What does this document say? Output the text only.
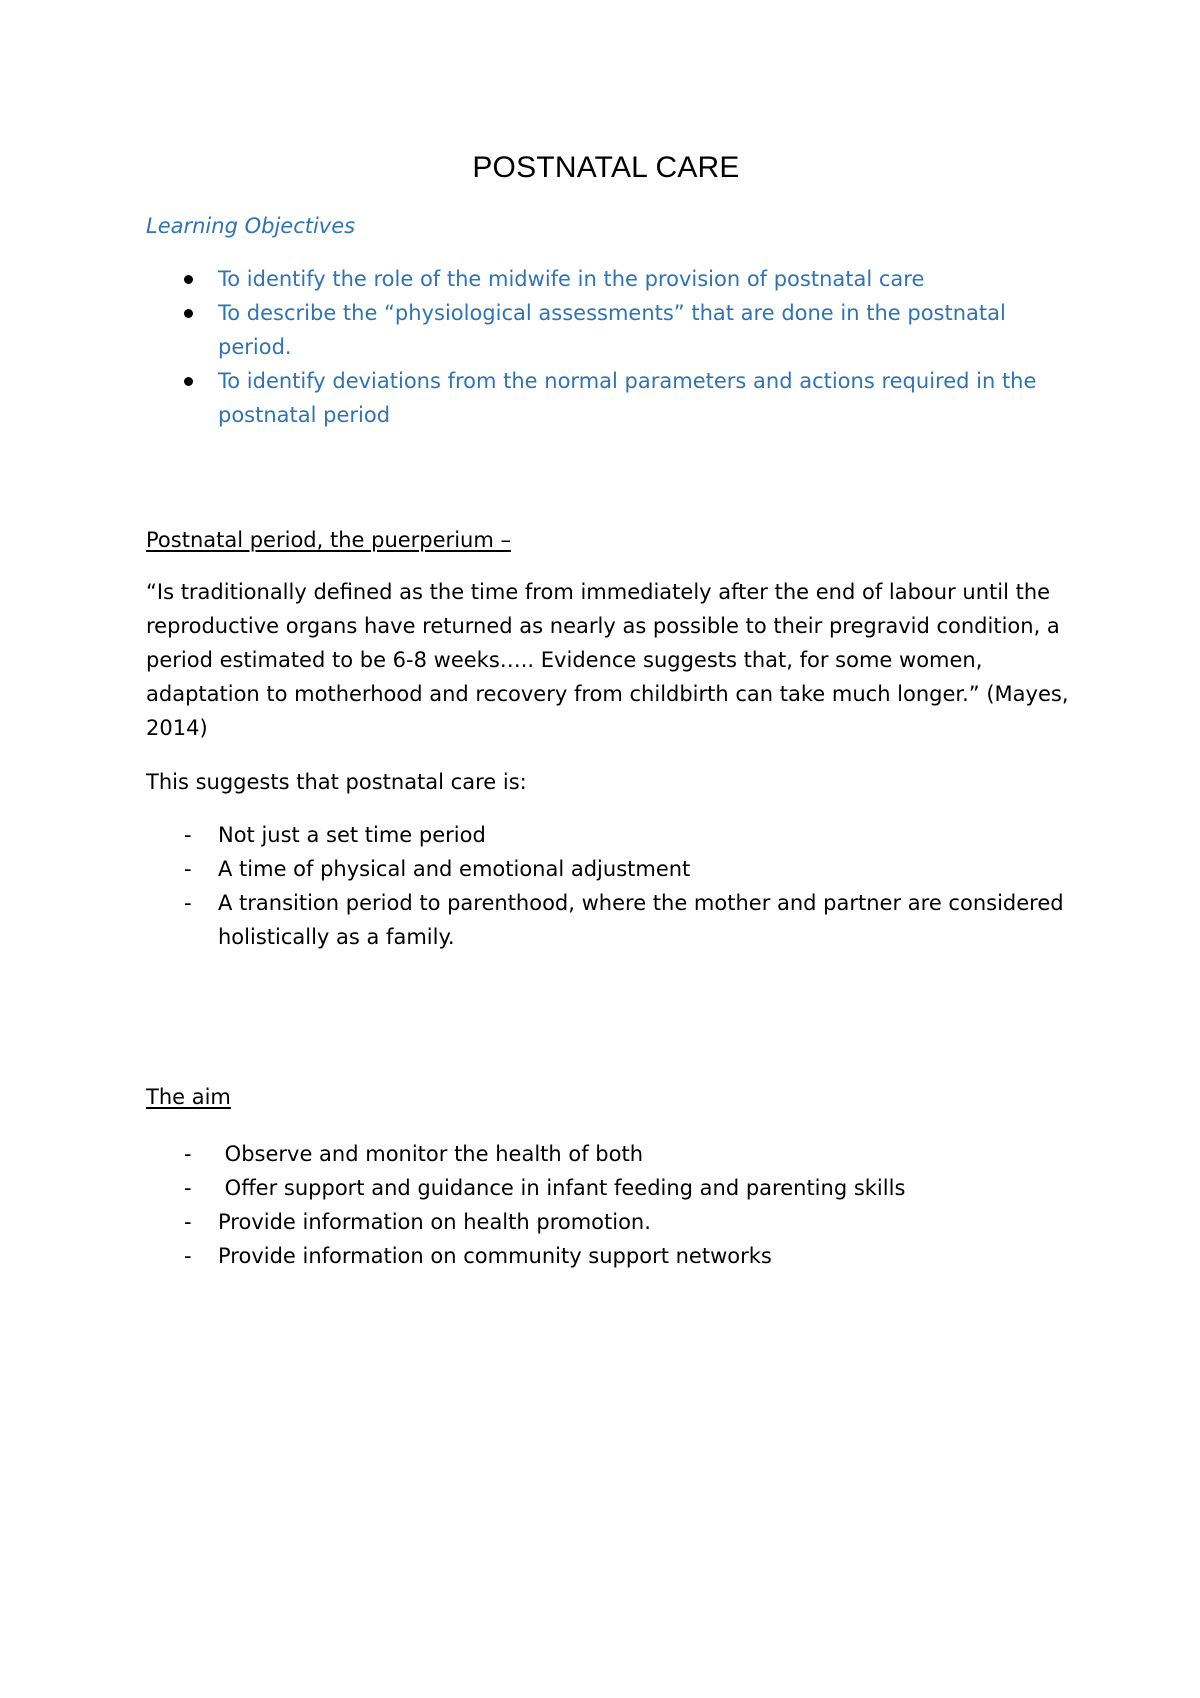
POSTNATAL CARE
Learning Objectives
To identify the role of the midwife in the provision of postnatal care
To describe the “physiological assessments” that are done in the postnatal period.
To identify deviations from the normal parameters and actions required in the postnatal period
Postnatal period, the puerperium –

“Is traditionally defined as the time from immediately after the end of labour until the reproductive organs have returned as nearly as possible to their pregravid condition, a period estimated to be 6-8 weeks….. Evidence suggests that, for some women, adaptation to motherhood and recovery from childbirth can take much longer.” (Mayes, 2014)

This suggests that postnatal care is:

- Not just a set time period
- A time of physical and emotional adjustment
- A transition period to parenthood, where the mother and partner are considered holistically as a family.
The aim
- Observe and monitor the health of both
- Offer support and guidance in infant feeding and parenting skills
- Provide information on health promotion.
- Provide information on community support networks
